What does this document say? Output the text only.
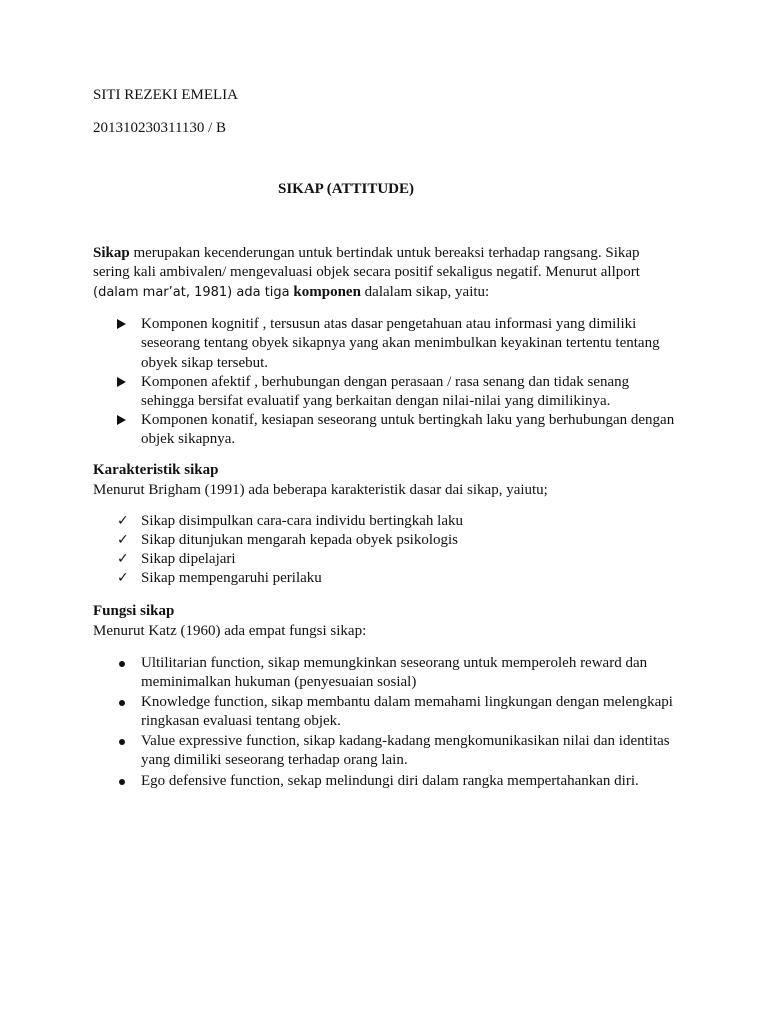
SITI REZEKI EMELIA
201310230311130 / B
SIKAP (ATTITUDE)
Sikap merupakan kecenderungan untuk bertindak untuk bereaksi terhadap rangsang. Sikap
sering kali ambivalen/ mengevaluasi objek secara positif sekaligus negatif. Menurut allport
(dalam mar’at, 1981) ada tiga komponen dalalam sikap, yaitu:
Komponen kognitif , tersusun atas dasar pengetahuan atau informasi yang dimiliki seseorang tentang obyek sikapnya yang akan menimbulkan keyakinan tertentu tentang obyek sikap tersebut.
Komponen afektif , berhubungan dengan perasaan / rasa senang dan tidak senang sehingga bersifat evaluatif yang berkaitan dengan nilai-nilai yang dimilikinya.
Komponen konatif, kesiapan seseorang untuk bertingkah laku yang berhubungan dengan objek sikapnya.
Karakteristik sikap
Menurut Brigham (1991) ada beberapa karakteristik dasar dai sikap, yaiutu;
✓ Sikap disimpulkan cara-cara individu bertingkah laku
✓ Sikap ditunjukan mengarah kepada obyek psikologis
✓ Sikap dipelajari
✓ Sikap mempengaruhi perilaku
Fungsi sikap
Menurut Katz (1960) ada empat fungsi sikap:
Ultilitarian function, sikap memungkinkan seseorang untuk memperoleh reward dan meminimalkan hukuman (penyesuaian sosial)
Knowledge function, sikap membantu dalam memahami lingkungan dengan melengkapi ringkasan evaluasi tentang objek.
Value expressive function, sikap kadang-kadang mengkomunikasikan nilai dan identitas yang dimiliki seseorang terhadap orang lain.
Ego defensive function, sekap melindungi diri dalam rangka mempertahankan diri.
